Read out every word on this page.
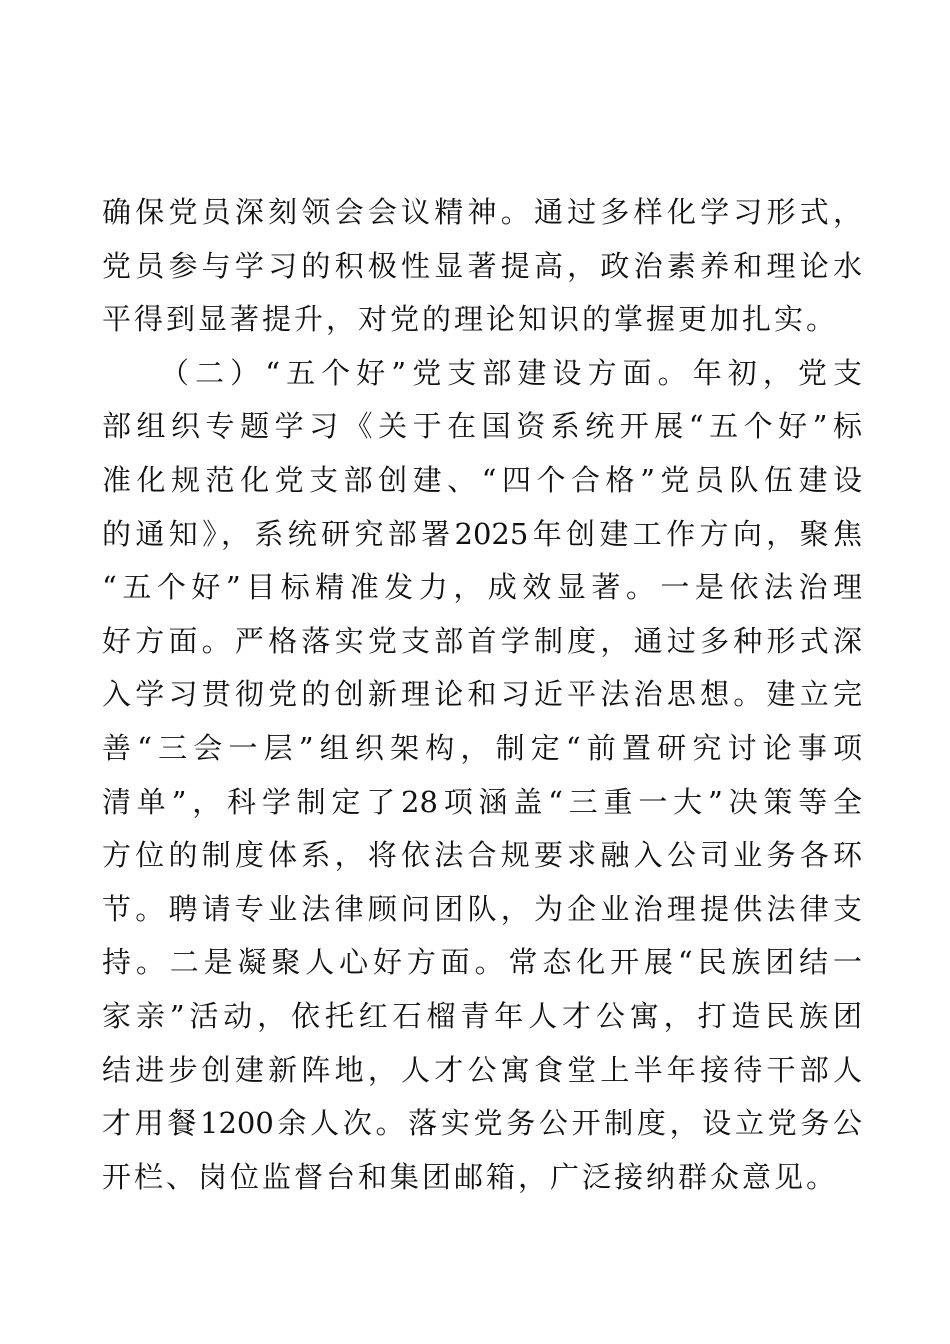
确保党员深刻领会会议精神。通过多样化学习形式，
党员参与学习的积极性显著提高，政治素养和理论水
平得到显著提升，对党的理论知识的掌握更加扎实。
（二）“五个好”党支部建设方面。年初，党支
部组织专题学习《关于在国资系统开展“五个好”标
准化规范化党支部创建、“四个合格”党员队伍建设
的通知》，系统研究部署2025年创建工作方向，聚焦
“五个好”目标精准发力，成效显著。一是依法治理
好方面。严格落实党支部首学制度，通过多种形式深
入学习贯彻党的创新理论和习近平法治思想。建立完
善“三会一层”组织架构，制定“前置研究讨论事项
清单”，科学制定了28项涵盖“三重一大”决策等全
方位的制度体系，将依法合规要求融入公司业务各环
节。聘请专业法律顾问团队，为企业治理提供法律支
持。二是凝聚人心好方面。常态化开展“民族团结一
家亲”活动，依托红石榴青年人才公寓，打造民族团
结进步创建新阵地，人才公寓食堂上半年接待干部人
才用餐1200余人次。落实党务公开制度，设立党务公
开栏、岗位监督台和集团邮箱，广泛接纳群众意见。
